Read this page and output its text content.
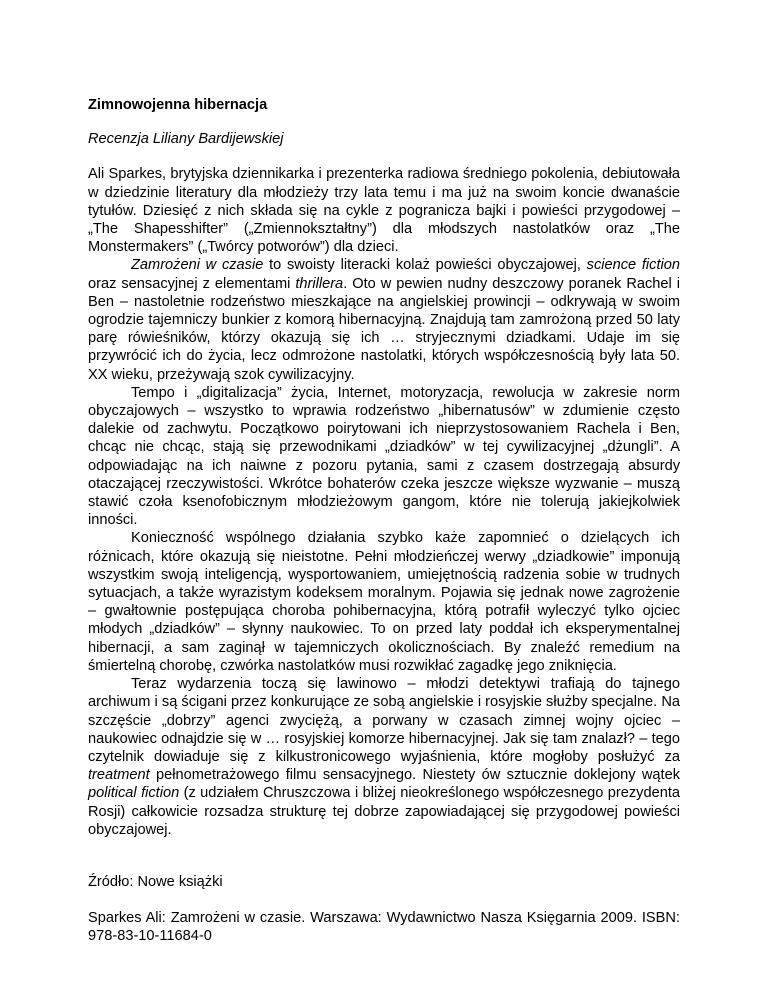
Zimnowojenna hibernacja

Recenzja Liliany Bardijewskiej

Ali Sparkes, brytyjska dziennikarka i prezenterka radiowa średniego pokolenia, debiutowała w dziedzinie literatury dla młodzieży trzy lata temu i ma już na swoim koncie dwanaście tytułów. Dziesięć z nich składa się na cykle z pogranicza bajki i powieści przygodowej – „The Shapesshifter” („Zmiennokształtny”) dla młodszych nastolatków oraz „The Monstermakers” („Twórcy potworów”) dla dzieci.

Zamrożeni w czasie to swoisty literacki kolaż powieści obyczajowej, science fiction oraz sensacyjnej z elementami thrillera. Oto w pewien nudny deszczowy poranek Rachel i Ben – nastoletnie rodzeństwo mieszkające na angielskiej prowincji – odkrywają w swoim ogrodzie tajemniczy bunkier z komorą hibernacyjną. Znajdują tam zamrożoną przed 50 laty parę rówieśników, którzy okazują się ich … stryjecznymi dziadkami. Udaje im się przywrócić ich do życia, lecz odmrożone nastolatki, których współczesnością były lata 50. XX wieku, przeżywają szok cywilizacyjny.

Tempo i „digitalizacja” życia, Internet, motoryzacja, rewolucja w zakresie norm obyczajowych – wszystko to wprawia rodzeństwo „hibernatusów” w zdumienie często dalekie od zachwytu. Początkowo poirytowani ich nieprzystosowaniem Rachela i Ben, chcąc nie chcąc, stają się przewodnikami „dziadków” w tej cywilizacyjnej „dżungli”. A odpowiadając na ich naiwne z pozoru pytania, sami z czasem dostrzegają absurdy otaczającej rzeczywistości. Wkrótce bohaterów czeka jeszcze większe wyzwanie – muszą stawić czoła ksenofobicznym młodzieżowym gangom, które nie tolerują jakiejkolwiek inności.

Konieczność wspólnego działania szybko każe zapomnieć o dzielących ich różnicach, które okazują się nieistotne. Pełni młodzieńczej werwy „dziadkowie” imponują wszystkim swoją inteligencją, wysportowaniem, umiejętnością radzenia sobie w trudnych sytuacjach, a także wyrazistym kodeksem moralnym. Pojawia się jednak nowe zagrożenie – gwałtownie postępująca choroba pohibernacyjna, którą potrafił wyleczyć tylko ojciec młodych „dziadków” – słynny naukowiec. To on przed laty poddał ich eksperymentalnej hibernacji, a sam zaginął w tajemniczych okolicznościach. By znaleźć remedium na śmiertelną chorobę, czwórka nastolatków musi rozwikłać zagadkę jego zniknięcia.

Teraz wydarzenia toczą się lawinowo – młodzi detektywi trafiają do tajnego archiwum i są ścigani przez konkurujące ze sobą angielskie i rosyjskie służby specjalne. Na szczęście „dobrzy” agenci zwyciężą, a porwany w czasach zimnej wojny ojciec – naukowiec odnajdzie się w … rosyjskiej komorze hibernacyjnej. Jak się tam znalazł? – tego czytelnik dowiaduje się z kilkustronicowego wyjaśnienia, które mogłoby posłużyć za treatment pełnometrażowego filmu sensacyjnego. Niestety ów sztucznie doklejony wątek political fiction (z udziałem Chruszczowa i bliżej nieokreślonego współczesnego prezydenta Rosji) całkowicie rozsadza strukturę tej dobrze zapowiadającej się przygodowej powieści obyczajowej.

Źródło: Nowe książki

Sparkes Ali: Zamrożeni w czasie. Warszawa: Wydawnictwo Nasza Księgarnia 2009. ISBN: 978-83-10-11684-0
